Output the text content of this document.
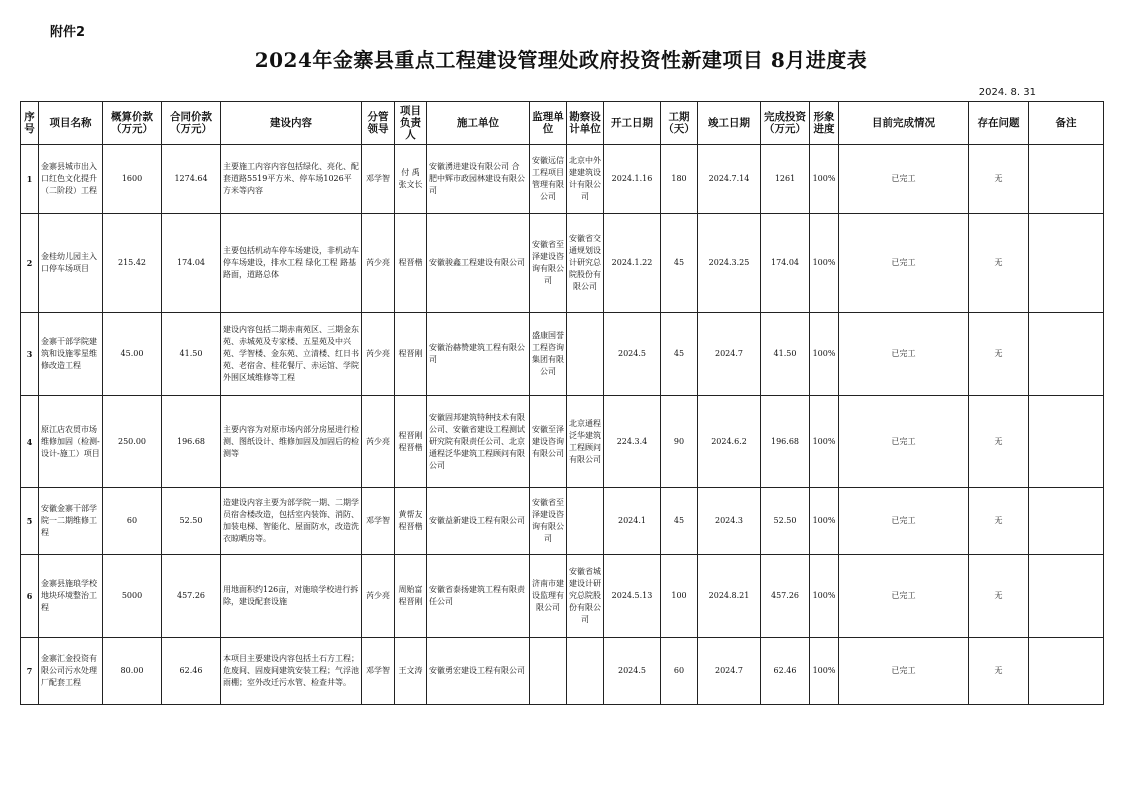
附件2
2024年金寨县重点工程建设管理处政府投资性新建项目 8月进度表
2024. 8. 31
序号	项目名称	概算价款（万元）	合同价款（万元）	建设内容	分管领导	项目负责人	施工单位	监理单位	勘察设计单位	开工日期	工期（天）	竣工日期	完成投资（万元）	形象进度	目前完成情况	存在问题	备注
1	金寨县城市出入口红色文化提升（二阶段）工程	1600	1274.64	主要施工内容内容包括绿化、亮化、配套道路5519平方米、停车场1026平方米等内容	邓学智	付 禹 张文长	安徽湧进建设有限公司 合肥中辉市政园林建设有限公司	安徽远信工程项目管理有限公司	北京中外建建筑设计有限公司	2024.1.16	180	2024.7.14	1261	100%	已完工	无	
2	金桂幼儿园主入口停车场项目	215.42	174.04	主要包括机动车停车场建设，非机动车停车场建设，排水工程 绿化工程 路基路面，道路总体	芮少亮	程晋楷	安徽骏鑫工程建设有限公司	安徽省至泽建设咨询有限公司	安徽省交通规划设计研究总院股份有限公司	2024.1.22	45	2024.3.25	174.04	100%	已完工	无	
3	金寨干部学院建筑和设施零星维修改造工程	45.00	41.50	建设内容包括二期赤南苑区、三期金东苑、赤城苑及专家楼、五星苑及中兴苑、学智楼、金东苑、立清楼、红日书苑、老宿舍、桂花餐厅、赤运馆、学院外围区域维修等工程	芮少亮	程晋刚	安徽治赫赞建筑工程有限公司	盛康国誉工程咨询集团有限公司		2024.5	45	2024.7	41.50	100%	已完工	无	
4	原江店农贸市场维修加固（检测-设计-施工）项目	250.00	196.68	主要内容为对原市场内部分房屋进行检测、图纸设计、维修加固及加固后的检测等	芮少亮	程晋刚 程晋楷	安徽固邦建筑特种技术有限公司、安徽省建设工程测试研究院有限责任公司、北京通程泛华建筑工程顾问有限公司	安徽至泽建设咨询有限公司	北京通程泛华建筑工程顾问有限公司	224.3.4	90	2024.6.2	196.68	100%	已完工	无	
5	安徽金寨干部学院一二期维修工程	60	52.50	造建设内容主要为部学院一期、二期学员宿舍楼改造，包括室内装饰、消防、加装电梯、智能化、屋面防水，改造洗衣晾晒房等。	邓学智	黄帮友 程晋楷	安徽益新建设工程有限公司	安徽省至泽建设咨询有限公司		2024.1	45	2024.3	52.50	100%	已完工	无	
6	金寨县施琅学校地块环境整治工程	5000	457.26	用地面积约126亩，对施琅学校进行拆除，建设配套设施	芮少亮	周贻富 程晋刚	安徽省泰扬建筑工程有限责任公司	济南市建设监理有限公司	安徽省城建设计研究总院股份有限公司	2024.5.13	100	2024.8.21	457.26	100%	已完工	无	
7	金寨汇金投资有限公司污水处理厂配套工程	80.00	62.46	本项目主要建设内容包括土石方工程；危废间、固废间建筑安装工程；气浮池雨棚；室外改迁污水管、检查井等。	邓学智	王文涛	安徽勇宏建设工程有限公司			2024.5	60	2024.7	62.46	100%	已完工	无	
